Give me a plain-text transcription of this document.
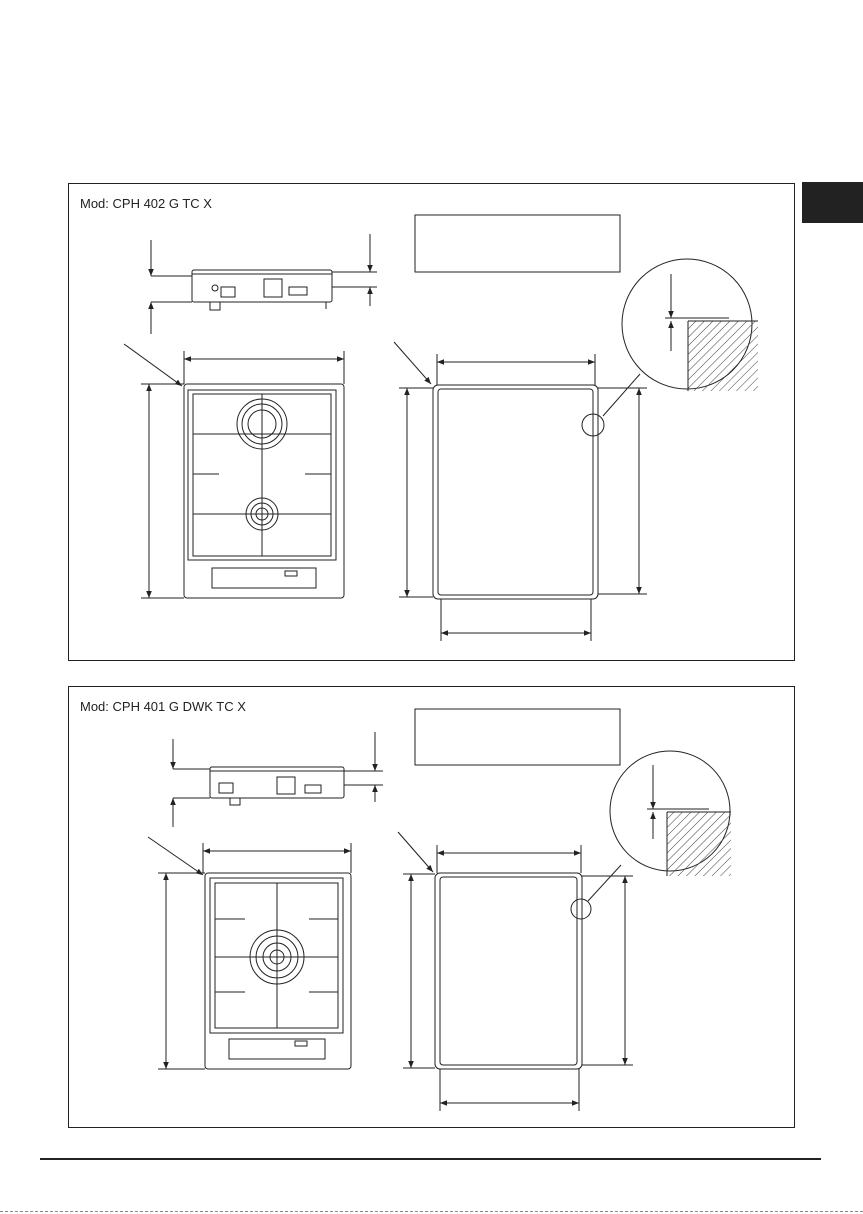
Mod: CPH 402 G TC X
Mod: CPH 401 G DWK TC X
